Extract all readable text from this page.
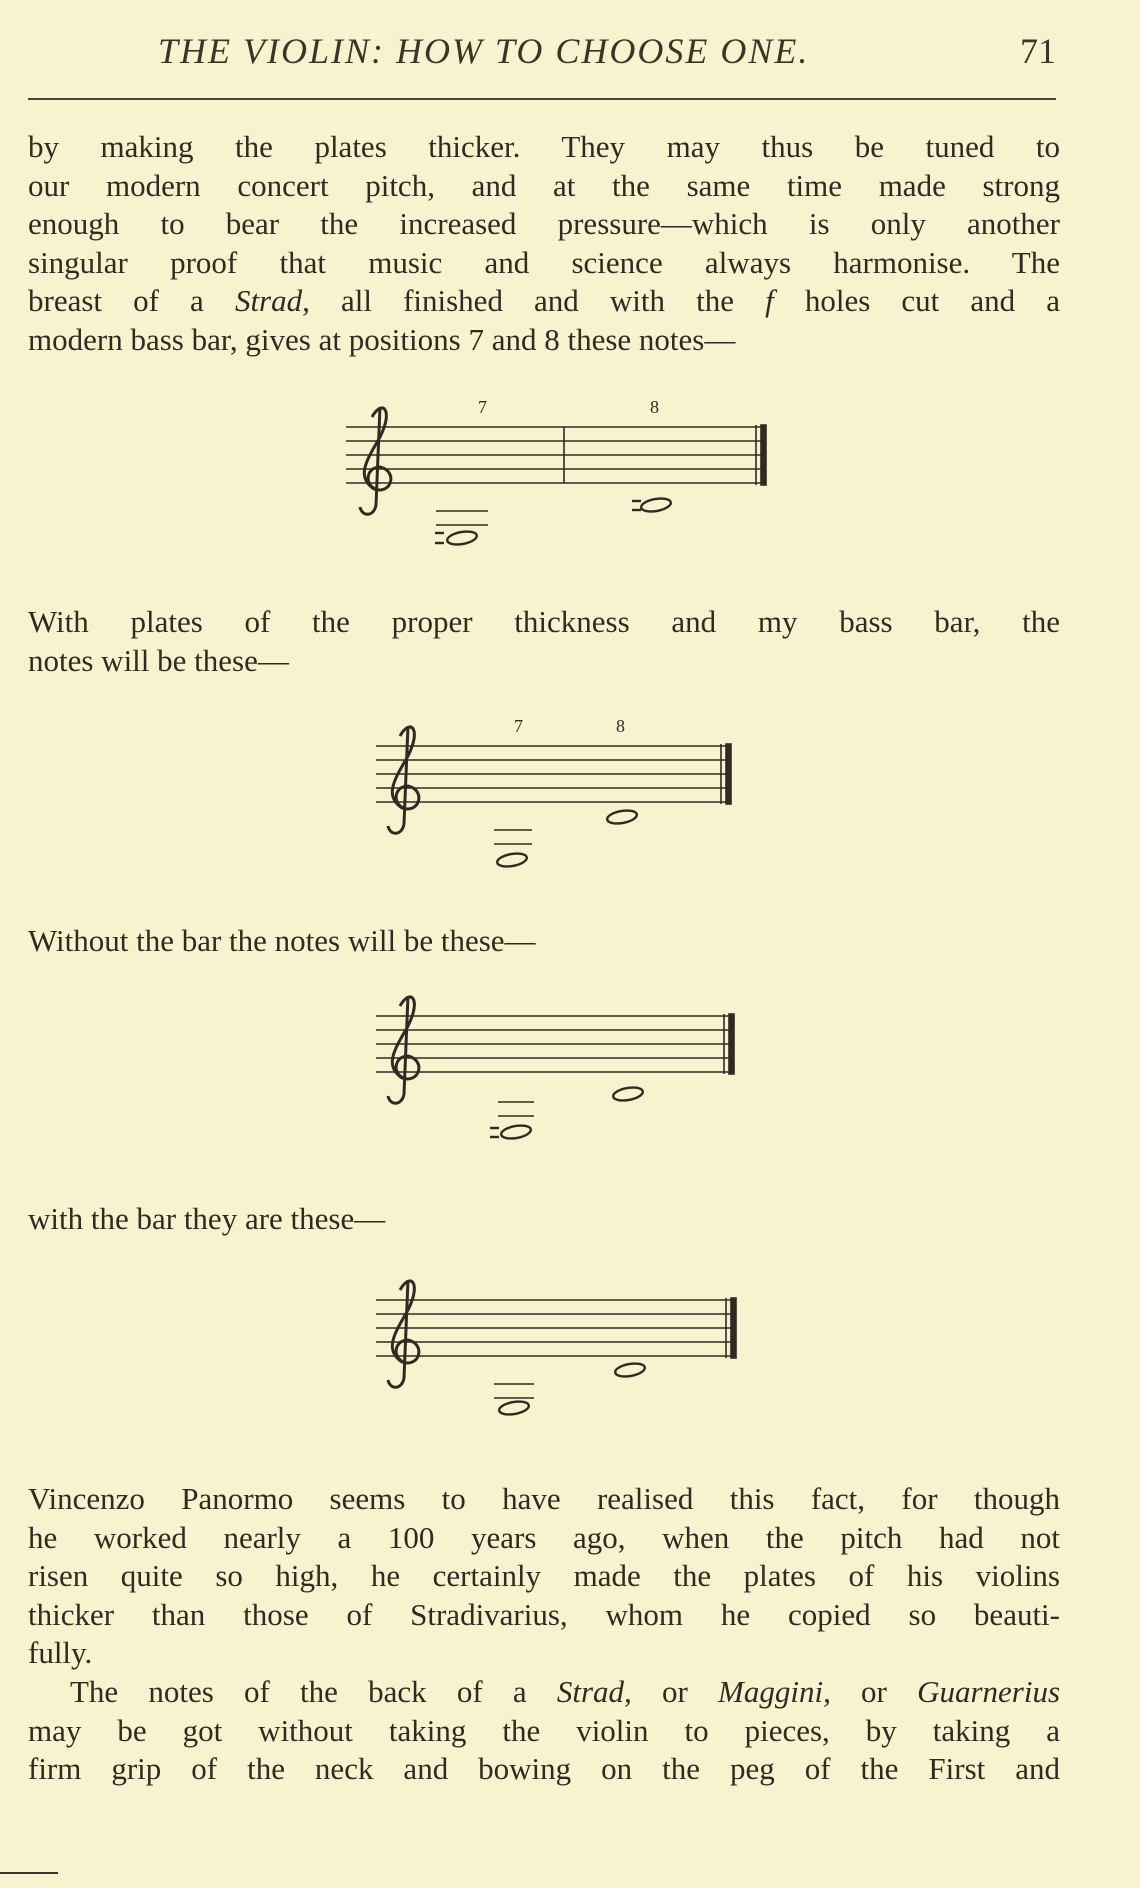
THE VIOLIN: HOW TO CHOOSE ONE.	71
by making the plates thicker. They may thus be tuned to
our modern concert pitch, and at the same time made strong
enough to bear the increased pressure—which is only another
singular proof that music and science always harmonise. The
breast of a Strad, all finished and with the f holes cut and a
modern bass bar, gives at positions 7 and 8 these notes—
7	8
With plates of the proper thickness and my bass bar, the
notes will be these—
7	8
Without the bar the notes will be these—
with the bar they are these—
Vincenzo Panormo seems to have realised this fact, for though
he worked nearly a 100 years ago, when the pitch had not
risen quite so high, he certainly made the plates of his violins
thicker than those of Stradivarius, whom he copied so beauti-
fully.
The notes of the back of a Strad, or Maggini, or Guarnerius
may be got without taking the violin to pieces, by taking a
firm grip of the neck and bowing on the peg of the First and
